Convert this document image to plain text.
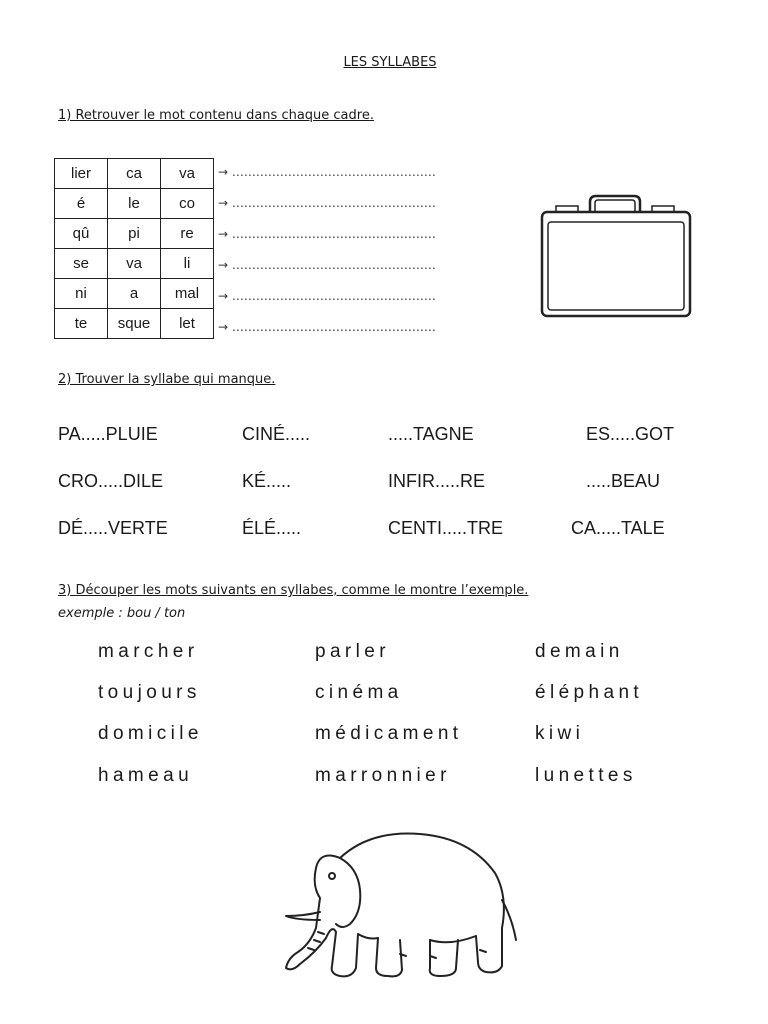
LES SYLLABES
1) Retrouver le mot contenu dans chaque cadre.
lier	ca	va
é	le	co
qû	pi	re
se	va	li
ni	a	mal
te	sque	let
→ ……………………………………………
→ ……………………………………………
→ ……………………………………………
→ ……………………………………………
→ ……………………………………………
→ ……………………………………………
2) Trouver la syllabe qui manque.
PA.....PLUIE	CINÉ.....	.....TAGNE	ES.....GOT
CRO.....DILE	KÉ.....	INFIR.....RE	.....BEAU
DÉ.....VERTE	ÉLÉ.....	CENTI.....TRE	CA.....TALE
3) Découper les mots suivants en syllabes, comme le montre l’exemple.
exemple : bou / ton
marcher	parler	demain
toujours	cinéma	éléphant
domicile	médicament	kiwi
hameau	marronnier	lunettes
